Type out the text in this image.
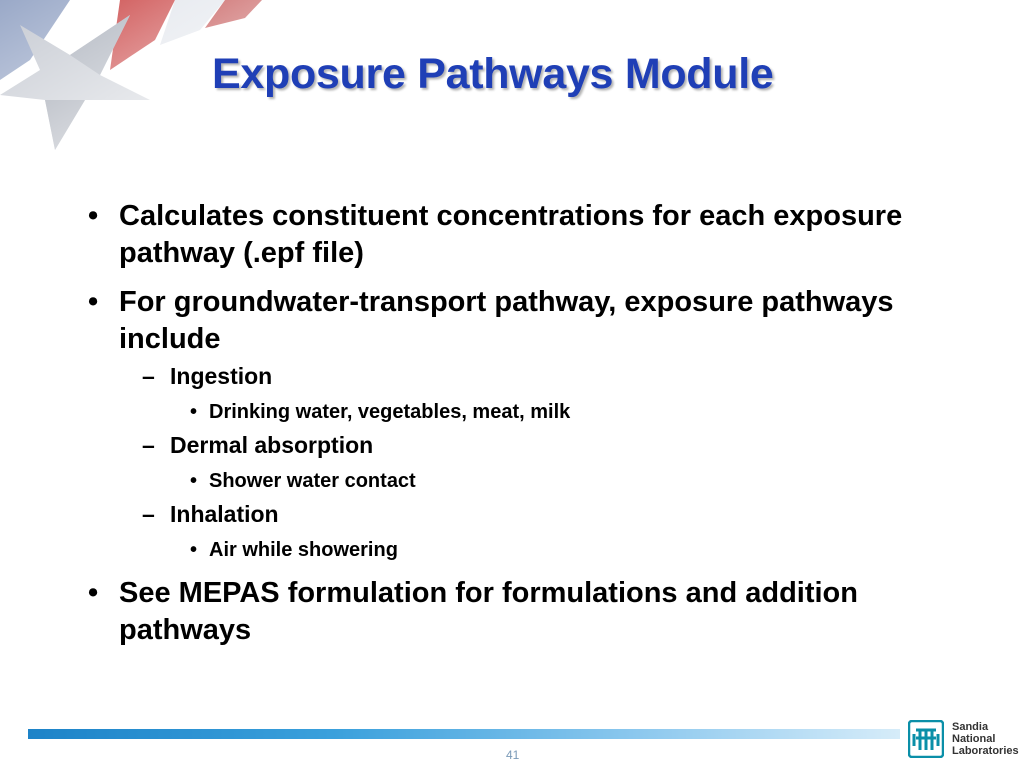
Exposure Pathways Module
• Calculates constituent concentrations for each exposure pathway (.epf file)
• For groundwater-transport pathway, exposure pathways include
– Ingestion
• Drinking water, vegetables, meat, milk
– Dermal absorption
• Shower water contact
– Inhalation
• Air while showering
• See MEPAS formulation for formulations and addition pathways
41
Sandia
National
Laboratories
